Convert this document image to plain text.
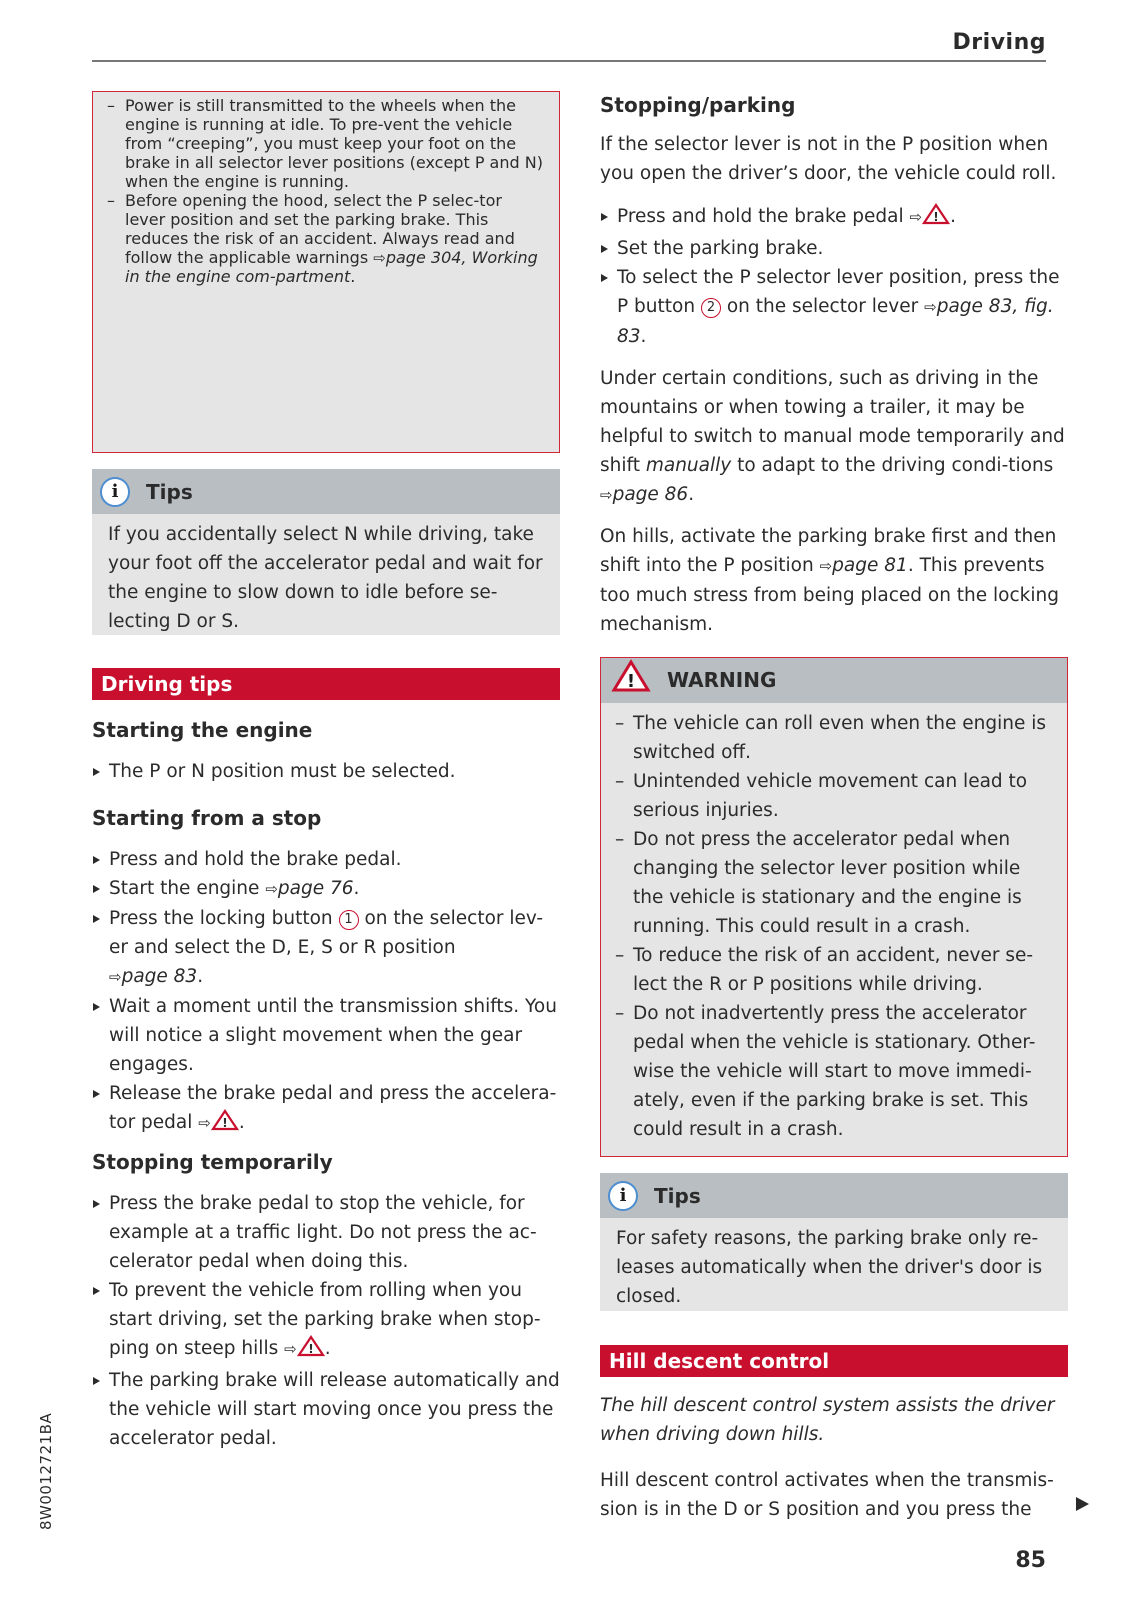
Driving
– Power is still transmitted to the wheels when the engine is running at idle. To pre-vent the vehicle from “creeping”, you must keep your foot on the brake in all selector lever positions (except P and N) when the engine is running.
– Before opening the hood, select the P selec-tor lever position and set the parking brake. This reduces the risk of an accident. Always read and follow the applicable warnings ⇨page 304, Working in the engine com-partment.
i	Tips
If you accidentally select N while driving, take your foot off the accelerator pedal and wait for the engine to slow down to idle before se-lecting D or S.
Driving tips
Starting the engine
The P or N position must be selected.
Starting from a stop
Press and hold the brake pedal.
Start the engine ⇨page 76.
Press the locking button 1 on the selector lev-er and select the D, E, S or R position
⇨page 83.
Wait a moment until the transmission shifts. You will notice a slight movement when the gear engages.
Release the brake pedal and press the accelera-tor pedal ⇨ ! .
Stopping temporarily
Press the brake pedal to stop the vehicle, for example at a traffic light. Do not press the ac-celerator pedal when doing this.
To prevent the vehicle from rolling when you start driving, set the parking brake when stop-ping on steep hills ⇨ ! .
The parking brake will release automatically and the vehicle will start moving once you press the accelerator pedal.
Stopping/parking
If the selector lever is not in the P position when you open the driver’s door, the vehicle could roll.
Press and hold the brake pedal ⇨ ! .
Set the parking brake.
To select the P selector lever position, press the P button 2 on the selector lever ⇨page 83, fig. 83.
Under certain conditions, such as driving in the mountains or when towing a trailer, it may be helpful to switch to manual mode temporarily and shift manually to adapt to the driving condi-tions ⇨page 86.
On hills, activate the parking brake first and then shift into the P position ⇨page 81. This prevents too much stress from being placed on the locking mechanism.
! WARNING
– The vehicle can roll even when the engine is switched off.
– Unintended vehicle movement can lead to serious injuries.
– Do not press the accelerator pedal when changing the selector lever position while the vehicle is stationary and the engine is running. This could result in a crash.
– To reduce the risk of an accident, never se-lect the R or P positions while driving.
– Do not inadvertently press the accelerator pedal when the vehicle is stationary. Other-wise the vehicle will start to move immedi-ately, even if the parking brake is set. This could result in a crash.
i	Tips
For safety reasons, the parking brake only re-leases automatically when the driver's door is closed.
Hill descent control
The hill descent control system assists the driver when driving down hills.
Hill descent control activates when the transmis-sion is in the D or S position and you press the
8W0012721BA
85
